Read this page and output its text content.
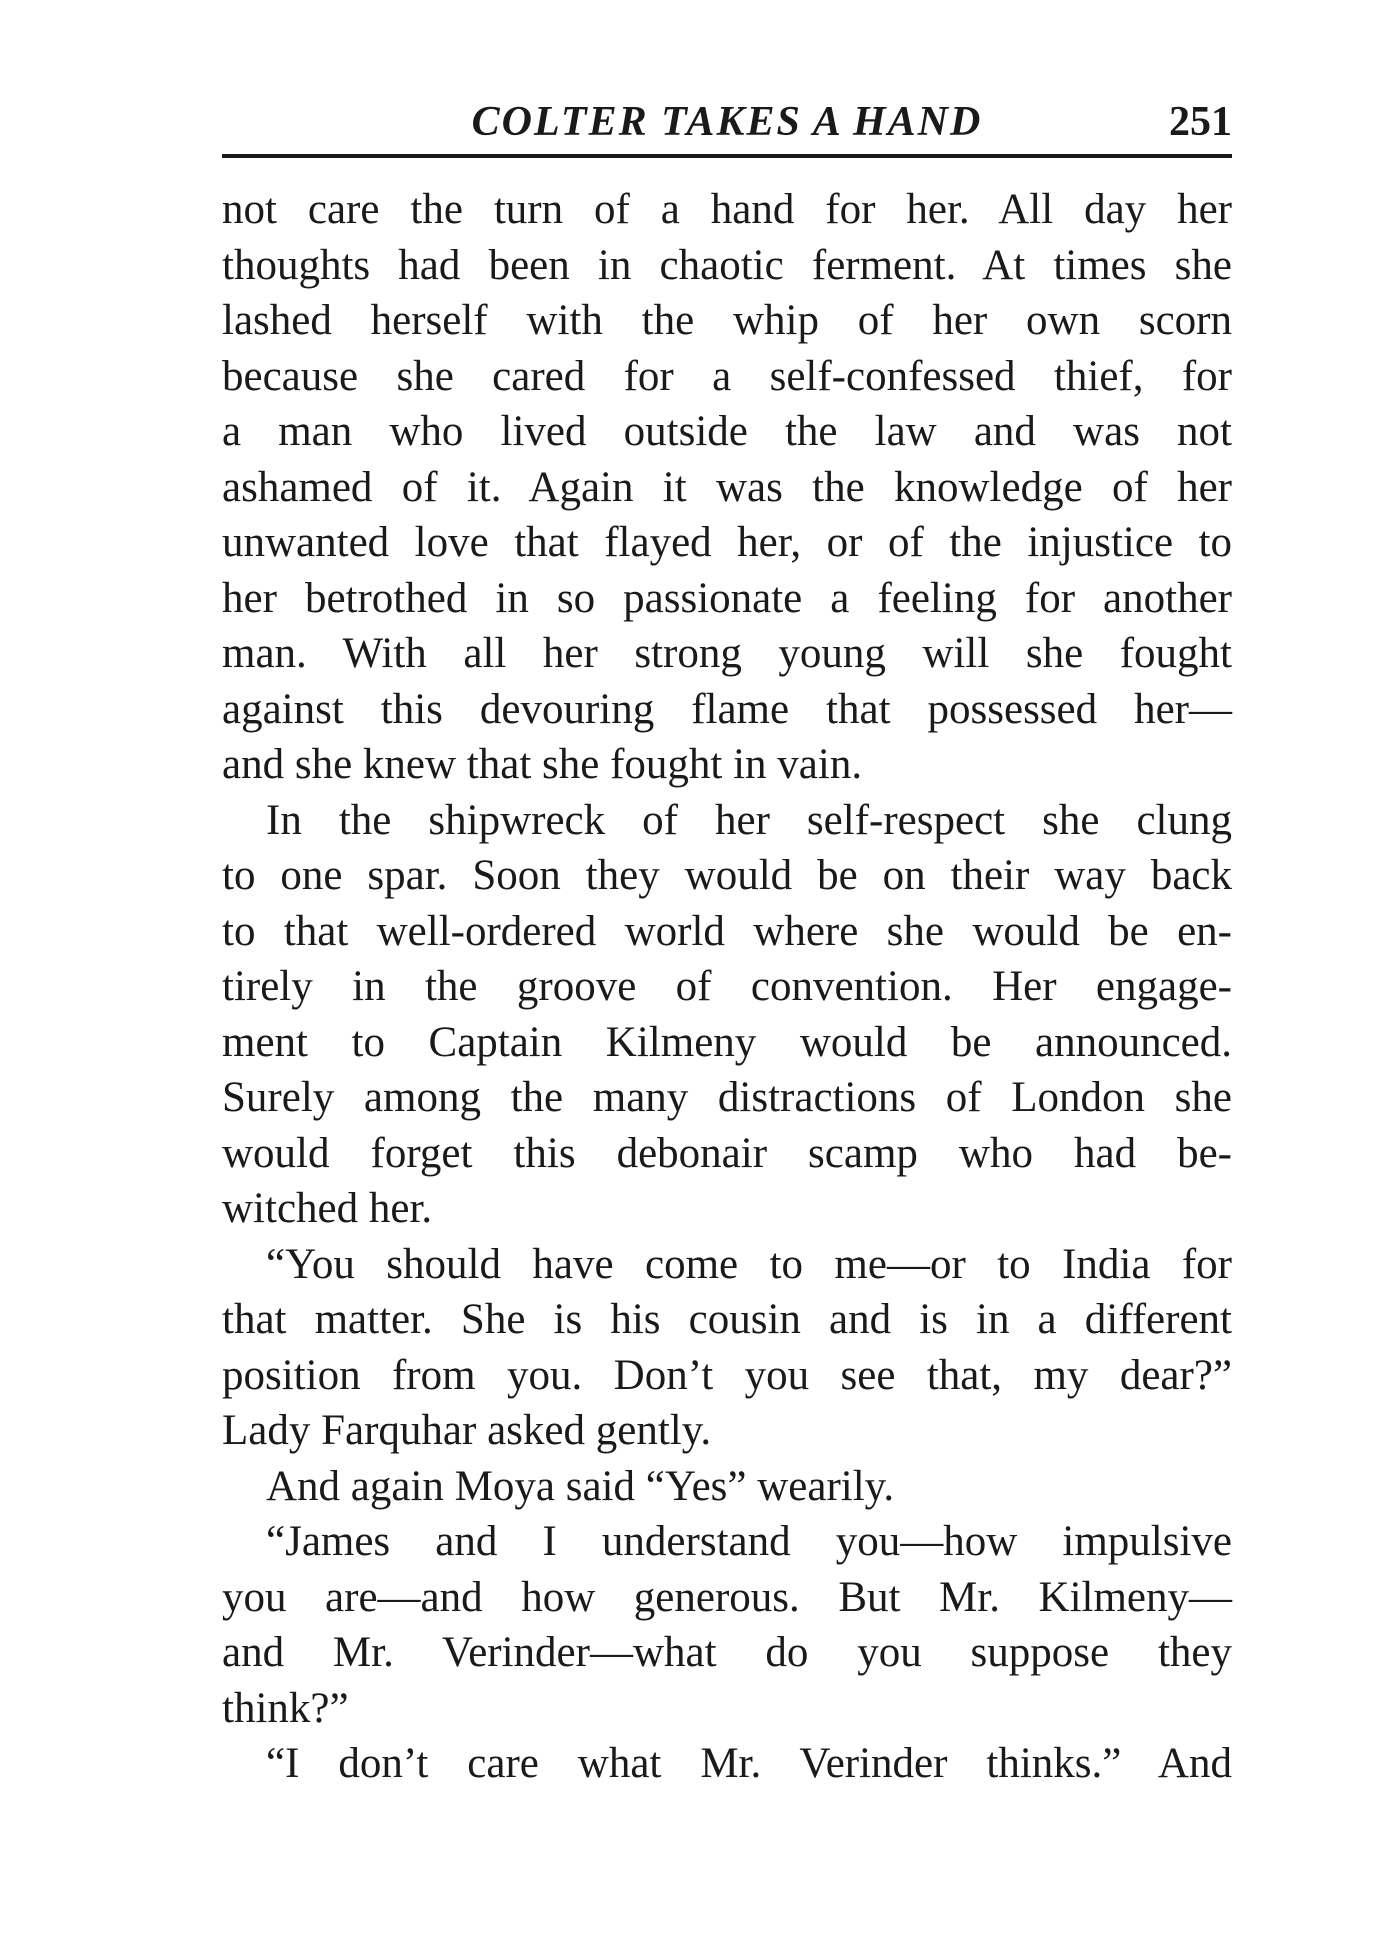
COLTER TAKES A HAND	251
not care the turn of a hand for her. All day her
thoughts had been in chaotic ferment. At times she
lashed herself with the whip of her own scorn
because she cared for a self-confessed thief, for
a man who lived outside the law and was not
ashamed of it. Again it was the knowledge of her
unwanted love that flayed her, or of the injustice to
her betrothed in so passionate a feeling for another
man. With all her strong young will she fought
against this devouring flame that possessed her—
and she knew that she fought in vain.
In the shipwreck of her self-respect she clung
to one spar. Soon they would be on their way back
to that well-ordered world where she would be en-
tirely in the groove of convention. Her engage-
ment to Captain Kilmeny would be announced.
Surely among the many distractions of London she
would forget this debonair scamp who had be-
witched her.
“You should have come to me—or to India for
that matter. She is his cousin and is in a different
position from you. Don’t you see that, my dear?”
Lady Farquhar asked gently.
And again Moya said “Yes” wearily.
“James and I understand you—how impulsive
you are—and how generous. But Mr. Kilmeny—
and Mr. Verinder—what do you suppose they
think?”
“I don’t care what Mr. Verinder thinks.” And
